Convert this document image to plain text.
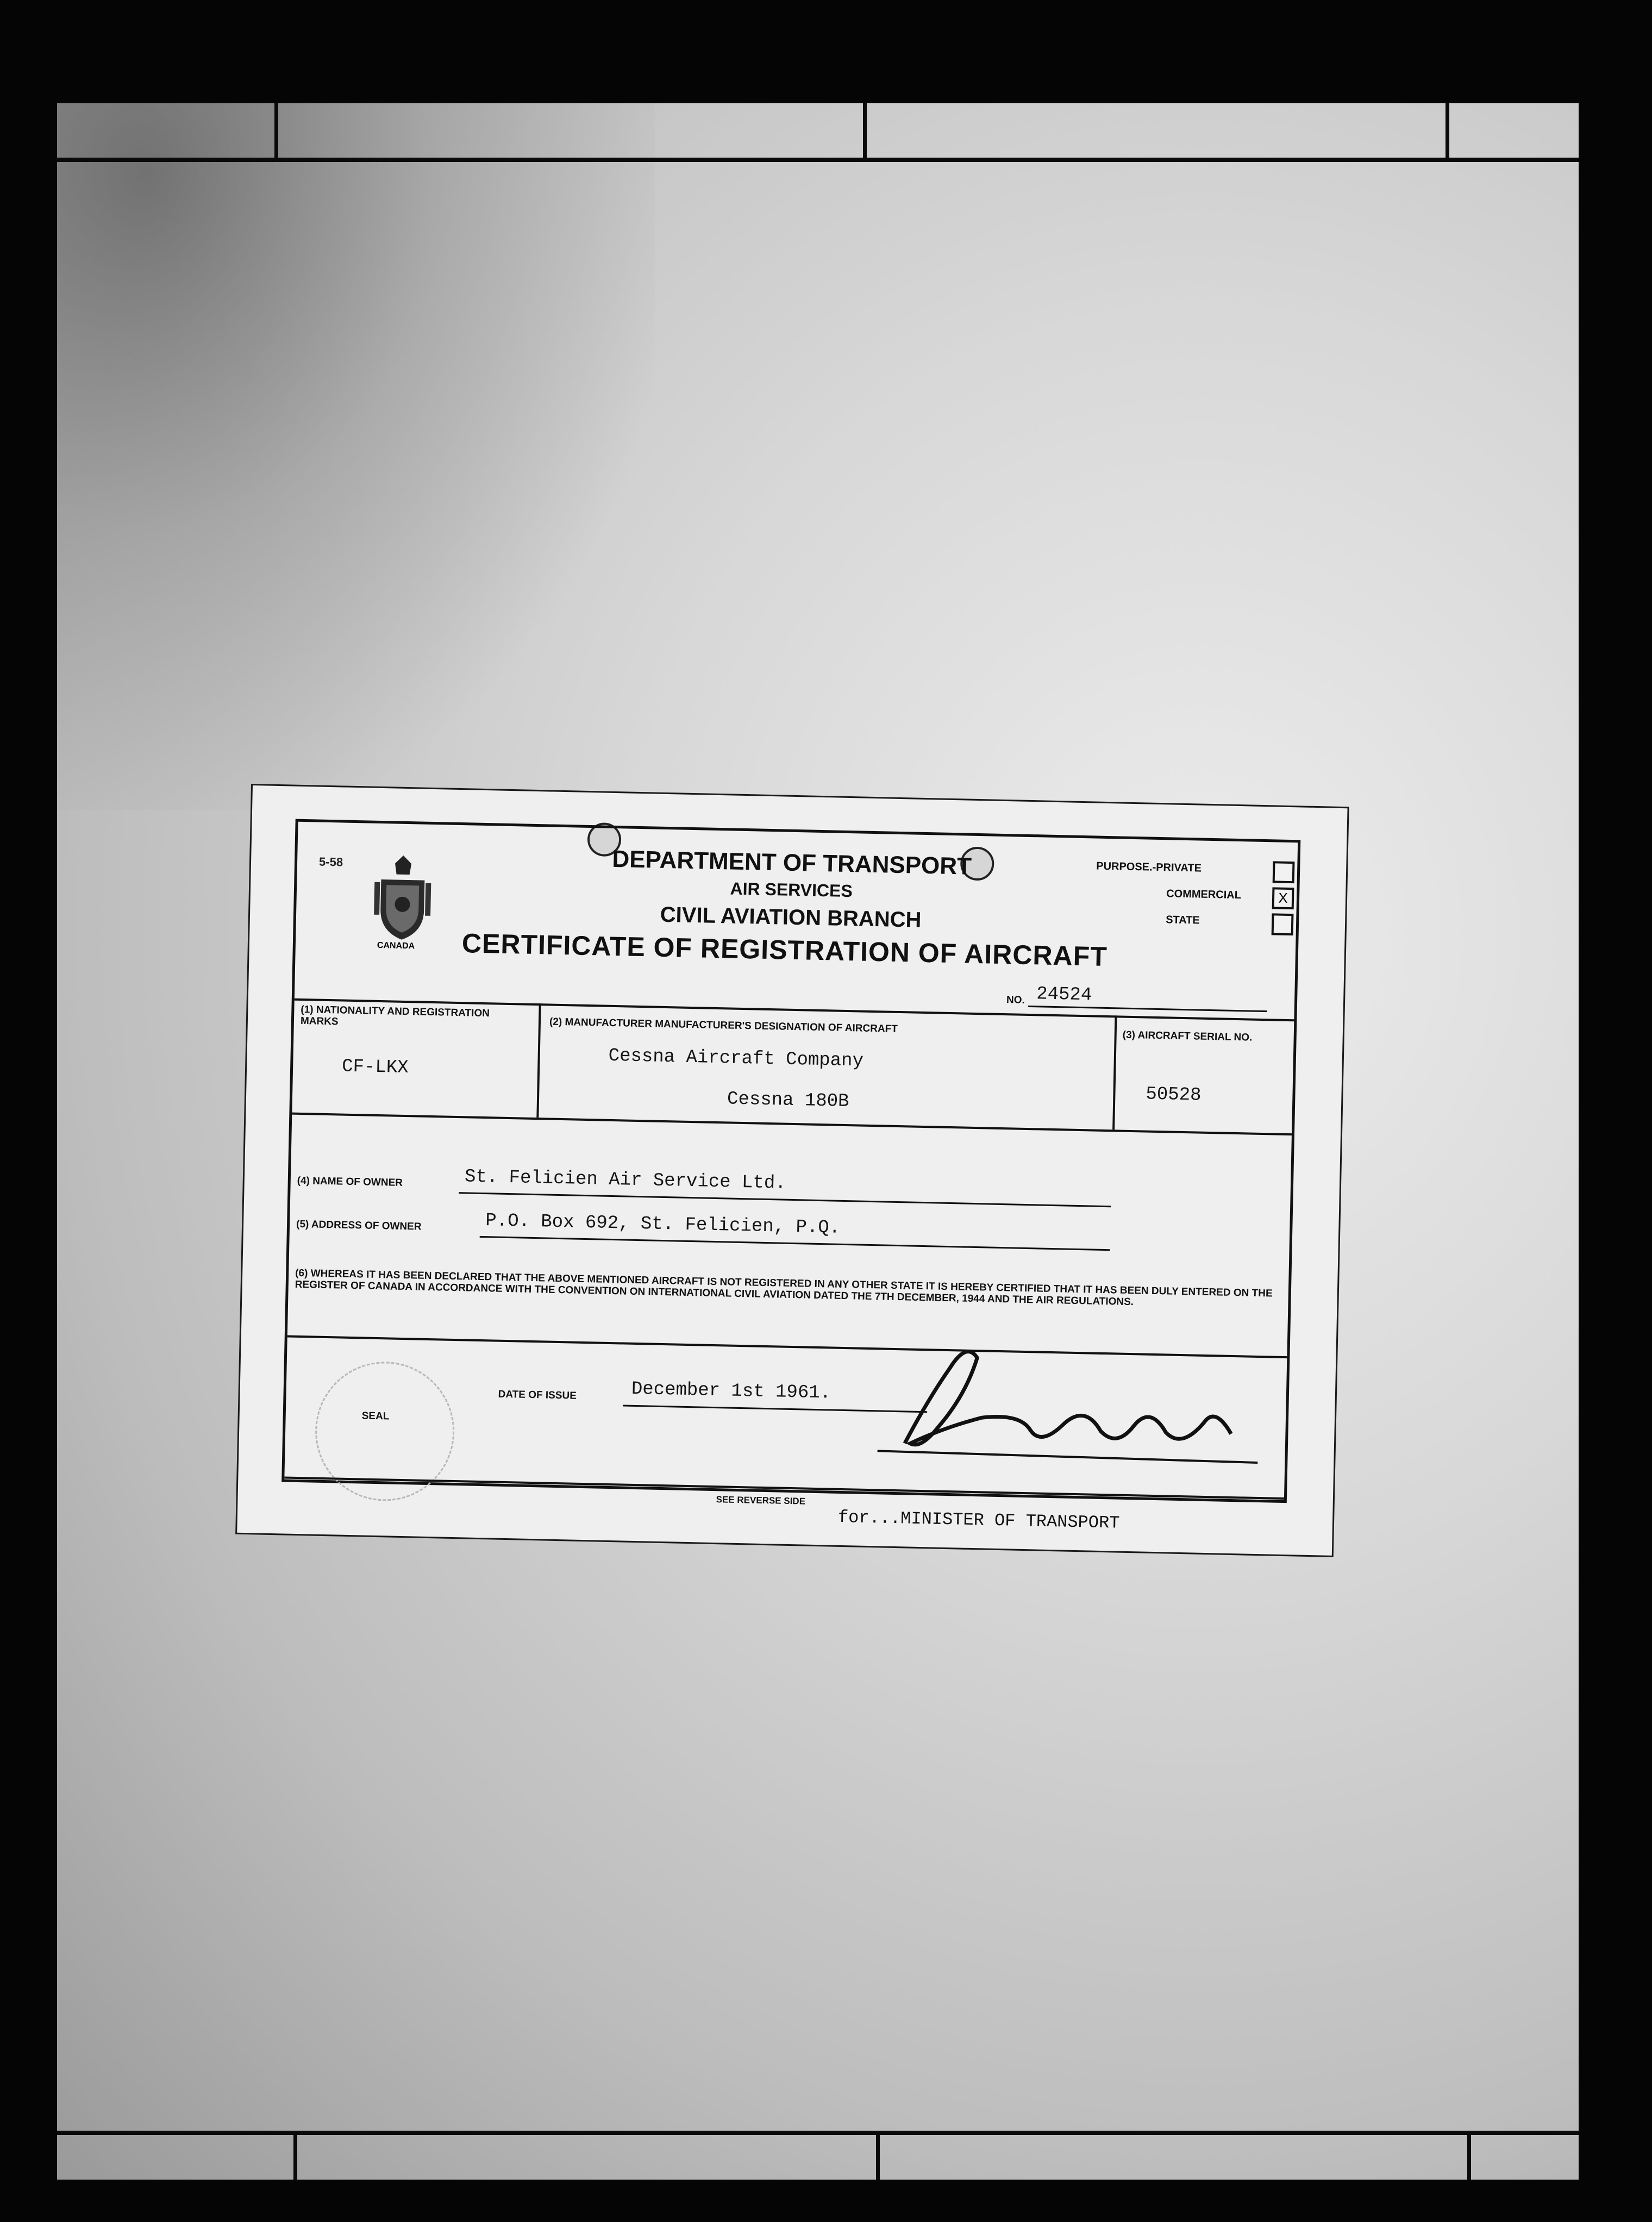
5-58
CANADA
DEPARTMENT OF TRANSPORT
AIR SERVICES
CIVIL AVIATION BRANCH
CERTIFICATE OF REGISTRATION OF AIRCRAFT
PURPOSE.-PRIVATE
COMMERCIAL	X
STATE
NO. 24524
(1) NATIONALITY AND REGISTRATION MARKS
CF-LKX
(2) MANUFACTURER MANUFACTURER'S DESIGNATION OF AIRCRAFT
Cessna Aircraft Company
Cessna 180B
(3) AIRCRAFT SERIAL NO.
50528
(4) NAME OF OWNER	St. Felicien Air Service Ltd.
(5) ADDRESS OF OWNER	P.O. Box 692, St. Felicien, P.Q.
(6) WHEREAS IT HAS BEEN DECLARED THAT THE ABOVE MENTIONED AIRCRAFT IS NOT REGISTERED IN ANY OTHER STATE IT IS HEREBY CERTIFIED THAT IT HAS BEEN DULY ENTERED ON THE REGISTER OF CANADA IN ACCORDANCE WITH THE CONVENTION ON INTERNATIONAL CIVIL AVIATION DATED THE 7TH DECEMBER, 1944 AND THE AIR REGULATIONS.
SEAL
DATE OF ISSUE	December 1st 1961.
SEE REVERSE SIDE
for...MINISTER OF TRANSPORT
